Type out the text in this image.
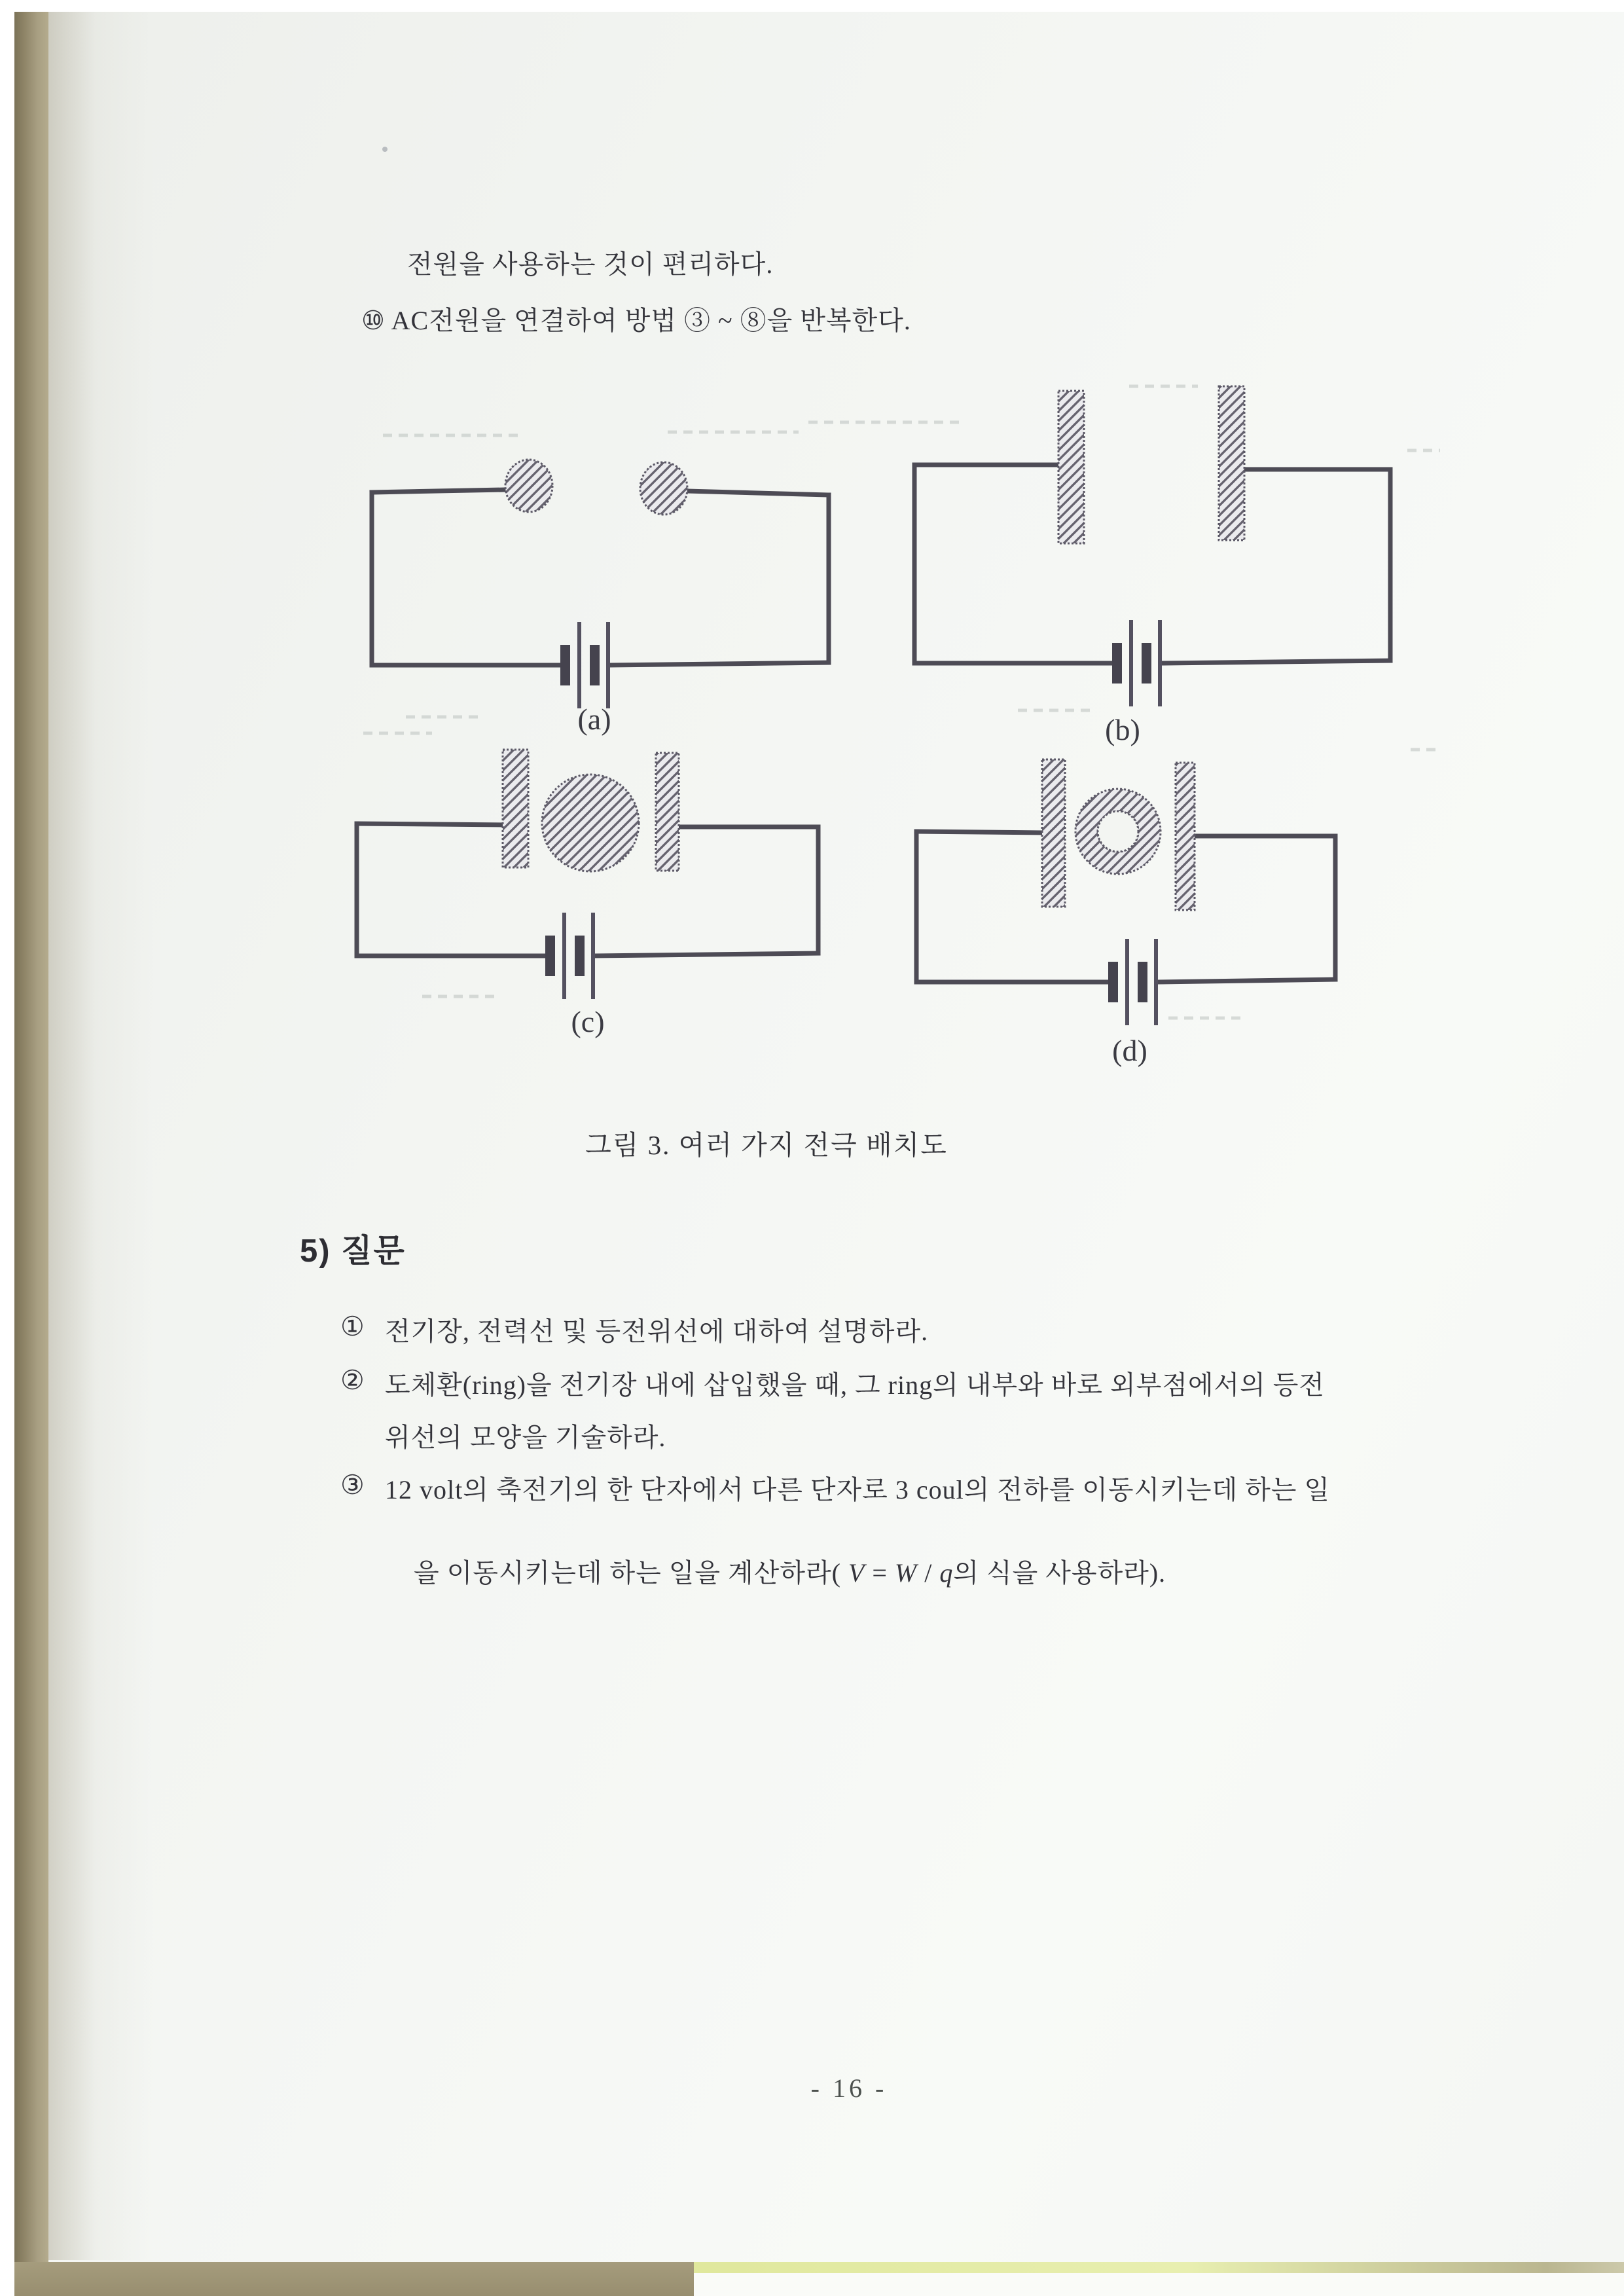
전원을 사용하는 것이 편리하다.
⑩ AC전원을 연결하여 방법 ③ ~ ⑧을 반복한다.
(a)	(b)
(c)
(d)
그림 3. 여러 가지 전극 배치도
5) 질문
① 전기장, 전력선 및 등전위선에 대하여 설명하라.
② 도체환(ring)을 전기장 내에 삽입했을 때, 그 ring의 내부와 바로 외부점에서의 등전
위선의 모양을 기술하라.
③ 12 volt의 축전기의 한 단자에서 다른 단자로 3 coul의 전하를 이동시키는데 하는 일

을 이동시키는데 하는 일을 계산하라( V = W / q의 식을 사용하라).

- 16 -
